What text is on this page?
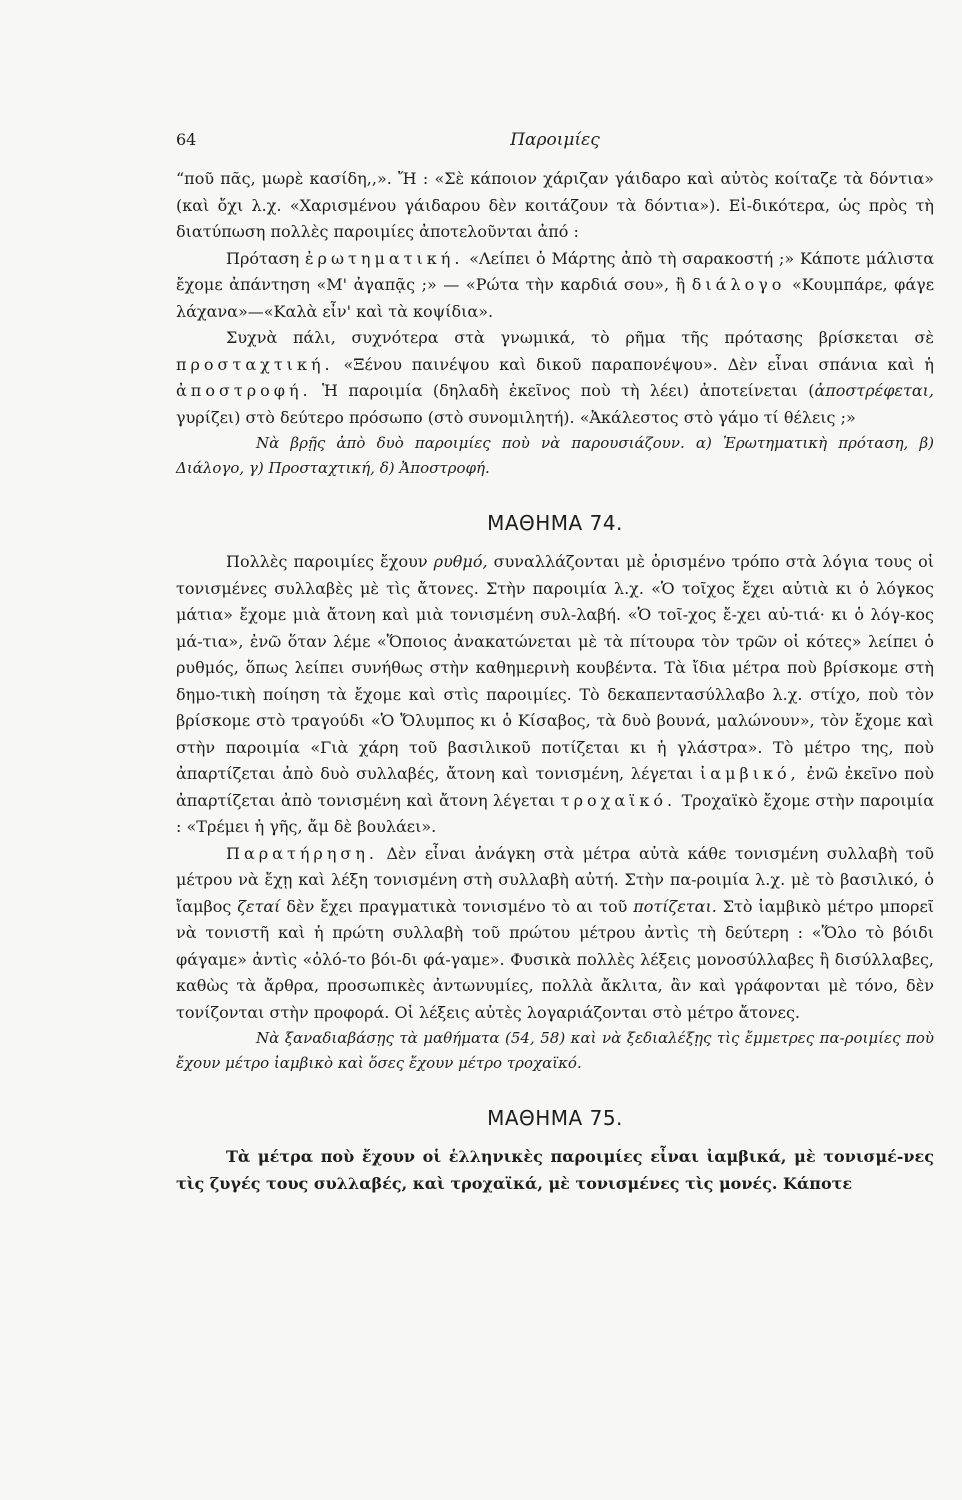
64	Παροιμίες

“ποῦ πᾶς, μωρὲ κασίδη,,». Ἤ : «Σὲ κάποιον χάριζαν γάιδαρο καὶ αὐτὸς κοίταζε τὰ δόντια» (καὶ ὄχι λ.χ. «Χαρισμένου γάιδαρου δὲν κοιτάζουν τὰ δόντια»). Εἰ-δικότερα, ὡς πρὸς τὴ διατύπωση πολλὲς παροιμίες ἀποτελοῦνται ἀπό :

Πρόταση ἐρωτηματική. «Λείπει ὁ Μάρτης ἀπὸ τὴ σαρακοστή ;» Κάποτε μάλιστα ἔχομε ἀπάντηση «Μ' ἀγαπᾷς ;» — «Ρώτα τὴν καρδιά σου», ἢ διάλογο «Κουμπάρε, φάγε λάχανα»—«Καλὰ εἶν' καὶ τὰ κοψίδια».

Συχνὰ πάλι, συχνότερα στὰ γνωμικά, τὸ ρῆμα τῆς πρότασης βρίσκεται σὲ προσταχτική. «Ξένου παινέψου καὶ δικοῦ παραπονέψου». Δὲν εἶναι σπάνια καὶ ἡ ἀποστροφή. Ἡ παροιμία (δηλαδὴ ἐκεῖνος ποὺ τὴ λέει) ἀποτείνεται (ἀποστρέφεται, γυρίζει) στὸ δεύτερο πρόσωπο (στὸ συνομιλητή). «Ἀκάλεστος στὸ γάμο τί θέλεις ;»

Νὰ βρῇς ἀπὸ δυὸ παροιμίες ποὺ νὰ παρουσιάζουν. α) Ἐρωτηματικὴ πρόταση, β) Διάλογο, γ) Προσταχτική, δ) Ἀποστροφή.

ΜΑΘΗΜΑ 74.

Πολλὲς παροιμίες ἔχουν ρυθμό, συναλλάζονται μὲ ὁρισμένο τρόπο στὰ λόγια τους οἱ τονισμένες συλλαβὲς μὲ τὶς ἄτονες. Στὴν παροιμία λ.χ. «Ὁ τοῖχος ἔχει αὐτιὰ κι ὁ λόγκος μάτια» ἔχομε μιὰ ἄτονη καὶ μιὰ τονισμένη συλ-λαβή. «Ὁ τοῖ-χος ἔ-χει αὐ-τιά· κι ὁ λόγ-κος μά-τια», ἐνῶ ὅταν λέμε «Ὅποιος ἀνακατώνεται μὲ τὰ πίτουρα τὸν τρῶν οἱ κότες» λείπει ὁ ρυθμός, ὅπως λείπει συνήθως στὴν καθημερινὴ κουβέντα. Τὰ ἴδια μέτρα ποὺ βρίσκομε στὴ δημο-τικὴ ποίηση τὰ ἔχομε καὶ στὶς παροιμίες. Τὸ δεκαπεντασύλλαβο λ.χ. στίχο, ποὺ τὸν βρίσκομε στὸ τραγούδι «Ὁ Ὄλυμπος κι ὁ Κίσαβος, τὰ δυὸ βουνά, μαλώνουν», τὸν ἔχομε καὶ στὴν παροιμία «Γιὰ χάρη τοῦ βασιλικοῦ ποτίζεται κι ἡ γλάστρα». Τὸ μέτρο της, ποὺ ἀπαρτίζεται ἀπὸ δυὸ συλλαβές, ἄτονη καὶ τονισμένη, λέγεται ἰαμβικό, ἐνῶ ἐκεῖνο ποὺ ἀπαρτίζεται ἀπὸ τονισμένη καὶ ἄτονη λέγεται τροχαϊκό. Τροχαϊκὸ ἔχομε στὴν παροιμία : «Τρέμει ἡ γῆς, ἄμ δὲ βουλάει».

Παρατήρηση. Δὲν εἶναι ἀνάγκη στὰ μέτρα αὐτὰ κάθε τονισμένη συλλαβὴ τοῦ μέτρου νὰ ἔχῃ καὶ λέξη τονισμένη στὴ συλλαβὴ αὐτή. Στὴν πα-ροιμία λ.χ. μὲ τὸ βασιλικό, ὁ ἴαμβος ζεταί δὲν ἔχει πραγματικὰ τονισμένο τὸ αι τοῦ ποτίζεται. Στὸ ἰαμβικὸ μέτρο μπορεῖ νὰ τονιστῆ καὶ ἡ πρώτη συλλαβὴ τοῦ πρώτου μέτρου ἀντὶς τὴ δεύτερη : «Ὅλο τὸ βόιδι φάγαμε» ἀντὶς «ὁλό-το βόι-δι φά-γαμε». Φυσικὰ πολλὲς λέξεις μονοσύλλαβες ἢ δισύλλαβες, καθὼς τὰ ἄρθρα, προσωπικὲς ἀντωνυμίες, πολλὰ ἄκλιτα, ἂν καὶ γράφονται μὲ τόνο, δὲν τονίζονται στὴν προφορά. Οἱ λέξεις αὐτὲς λογαριάζονται στὸ μέτρο ἄτονες.

Νὰ ξαναδιαβάσῃς τὰ μαθήματα (54, 58) καὶ νὰ ξεδιαλέξῃς τὶς ἔμμετρες πα-ροιμίες ποὺ ἔχουν μέτρο ἰαμβικὸ καὶ ὅσες ἔχουν μέτρο τροχαϊκό.

ΜΑΘΗΜΑ 75.

Τὰ μέτρα ποὺ ἔχουν οἱ ἑλληνικὲς παροιμίες εἶναι ἰαμβικά, μὲ τονισμέ-νες τὶς ζυγές τους συλλαβές, καὶ τροχαϊκά, μὲ τονισμένες τὶς μονές. Κάποτε
